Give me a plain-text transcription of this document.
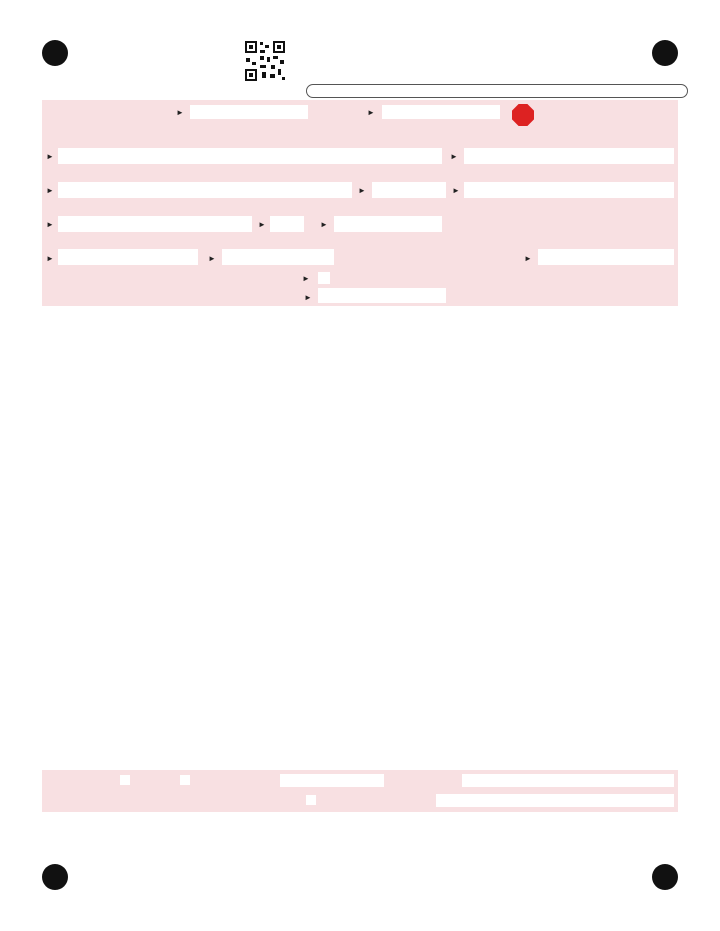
►	►
►	►
►	►	►
►	►	►
►	►	►
►
►
